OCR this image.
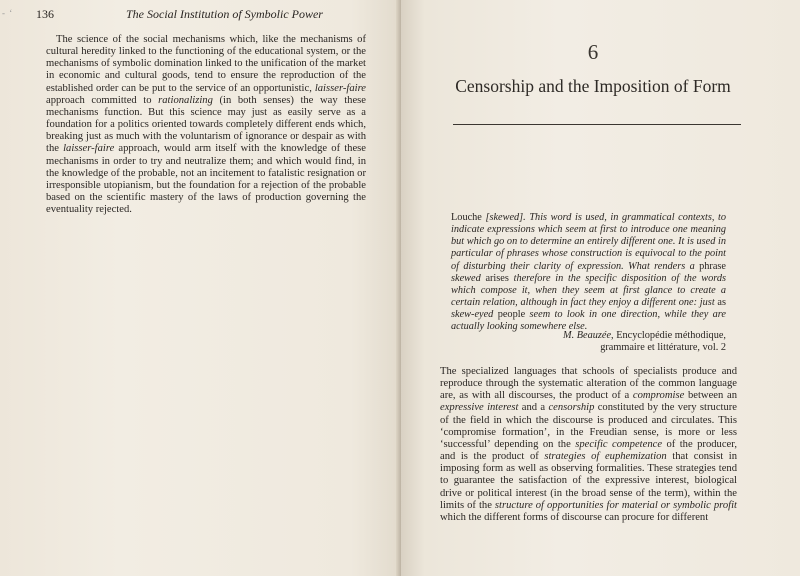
- ‘ 136	The Social Institution of Symbolic Power

The science of the social mechanisms which, like the mechanisms of cultural heredity linked to the functioning of the educational system, or the mechanisms of symbolic domination linked to the unification of the market in economic and cultural goods, tend to ensure the reproduction of the established order can be put to the service of an opportunistic, laisser-faire approach committed to rationalizing (in both senses) the way these mechanisms function. But this science may just as easily serve as a foundation for a politics oriented towards completely different ends which, breaking just as much with the voluntarism of ignorance or despair as with the laisser-faire approach, would arm itself with the knowledge of these mechanisms in order to try and neutralize them; and which would find, in the knowledge of the probable, not an incitement to fatalistic resignation or irresponsible utopianism, but the foundation for a rejection of the probable based on the scientific mastery of the laws of production governing the eventuality rejected.

6
Censorship and the Imposition of Form

Louche [skewed]. This word is used, in grammatical contexts, to indicate expressions which seem at first to introduce one meaning but which go on to determine an entirely different one. It is used in particular of phrases whose construction is equivocal to the point of disturbing their clarity of expression. What renders a phrase skewed arises therefore in the specific disposition of the words which compose it, when they seem at first glance to create a certain relation, although in fact they enjoy a different one: just as skew-eyed people seem to look in one direction, while they are actually looking somewhere else.

M. Beauzée, Encyclopédie méthodique,
grammaire et littérature, vol. 2

The specialized languages that schools of specialists produce and reproduce through the systematic alteration of the common language are, as with all discourses, the product of a compromise between an expressive interest and a censorship constituted by the very structure of the field in which the discourse is produced and circulates. This ‘compromise formation’, in the Freudian sense, is more or less ‘successful’ depending on the specific competence of the producer, and is the product of strategies of euphemization that consist in imposing form as well as observing formalities. These strategies tend to guarantee the satisfaction of the expressive interest, biological drive or political interest (in the broad sense of the term), within the limits of the structure of opportunities for material or symbolic profit which the different forms of discourse can procure for different
